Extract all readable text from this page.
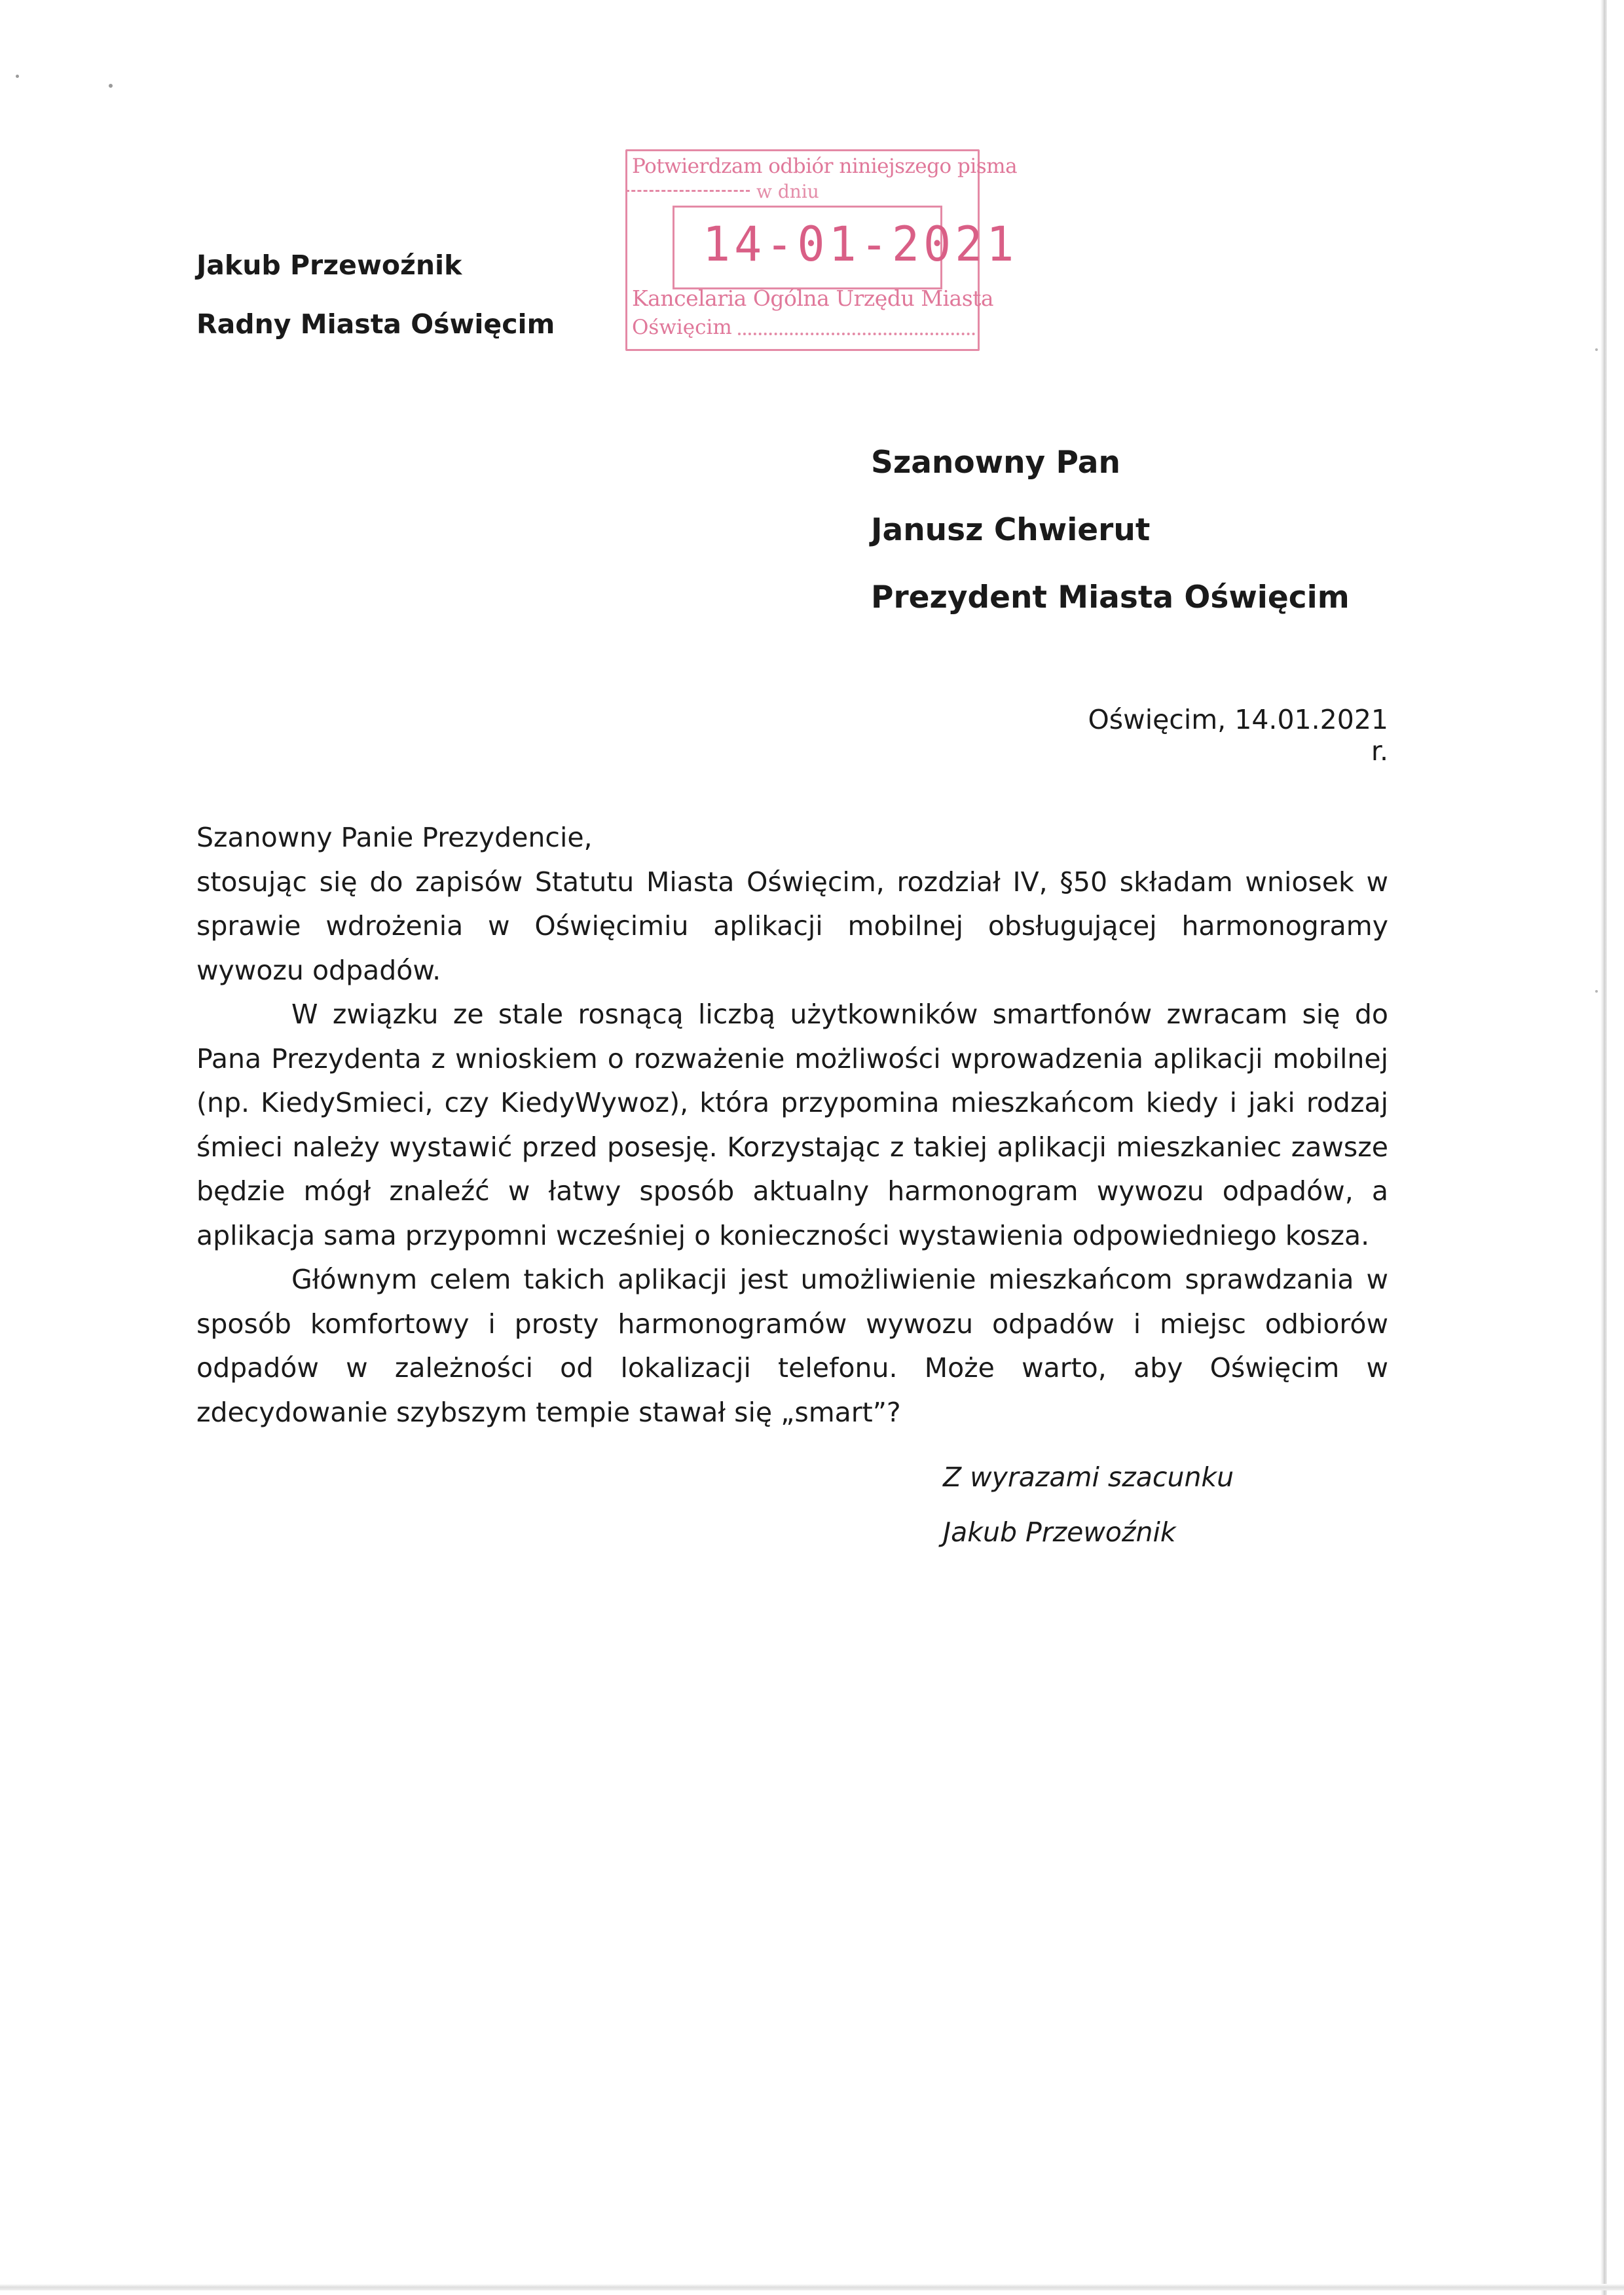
Jakub Przewoźnik
Radny Miasta Oświęcim
Potwierdzam odbiór niniejszego pisma
w dniu
14-01-2021
Kancelaria Ogólna Urzędu Miasta
Oświęcim
Szanowny Pan
Janusz Chwierut
Prezydent Miasta Oświęcim
Oświęcim, 14.01.2021 r.

Szanowny Panie Prezydencie,

stosując się do zapisów Statutu Miasta Oświęcim, rozdział IV, §50 składam wniosek w sprawie wdrożenia w Oświęcimiu aplikacji mobilnej obsługującej harmonogramy wywozu odpadów.

W związku ze stale rosnącą liczbą użytkowników smartfonów zwracam się do Pana Prezydenta z wnioskiem o rozważenie możliwości wprowadzenia aplikacji mobilnej (np. KiedySmieci, czy KiedyWywoz), która przypomina mieszkańcom kiedy i jaki rodzaj śmieci należy wystawić przed posesję. Korzystając z takiej aplikacji mieszkaniec zawsze będzie mógł znaleźć w łatwy sposób aktualny harmonogram wywozu odpadów, a aplikacja sama przypomni wcześniej o konieczności wystawienia odpowiedniego kosza.

Głównym celem takich aplikacji jest umożliwienie mieszkańcom sprawdzania w sposób komfortowy i prosty harmonogramów wywozu odpadów i miejsc odbiorów odpadów w zależności od lokalizacji telefonu. Może warto, aby Oświęcim w zdecydowanie szybszym tempie stawał się „smart”?

Z wyrazami szacunku
Jakub Przewoźnik
